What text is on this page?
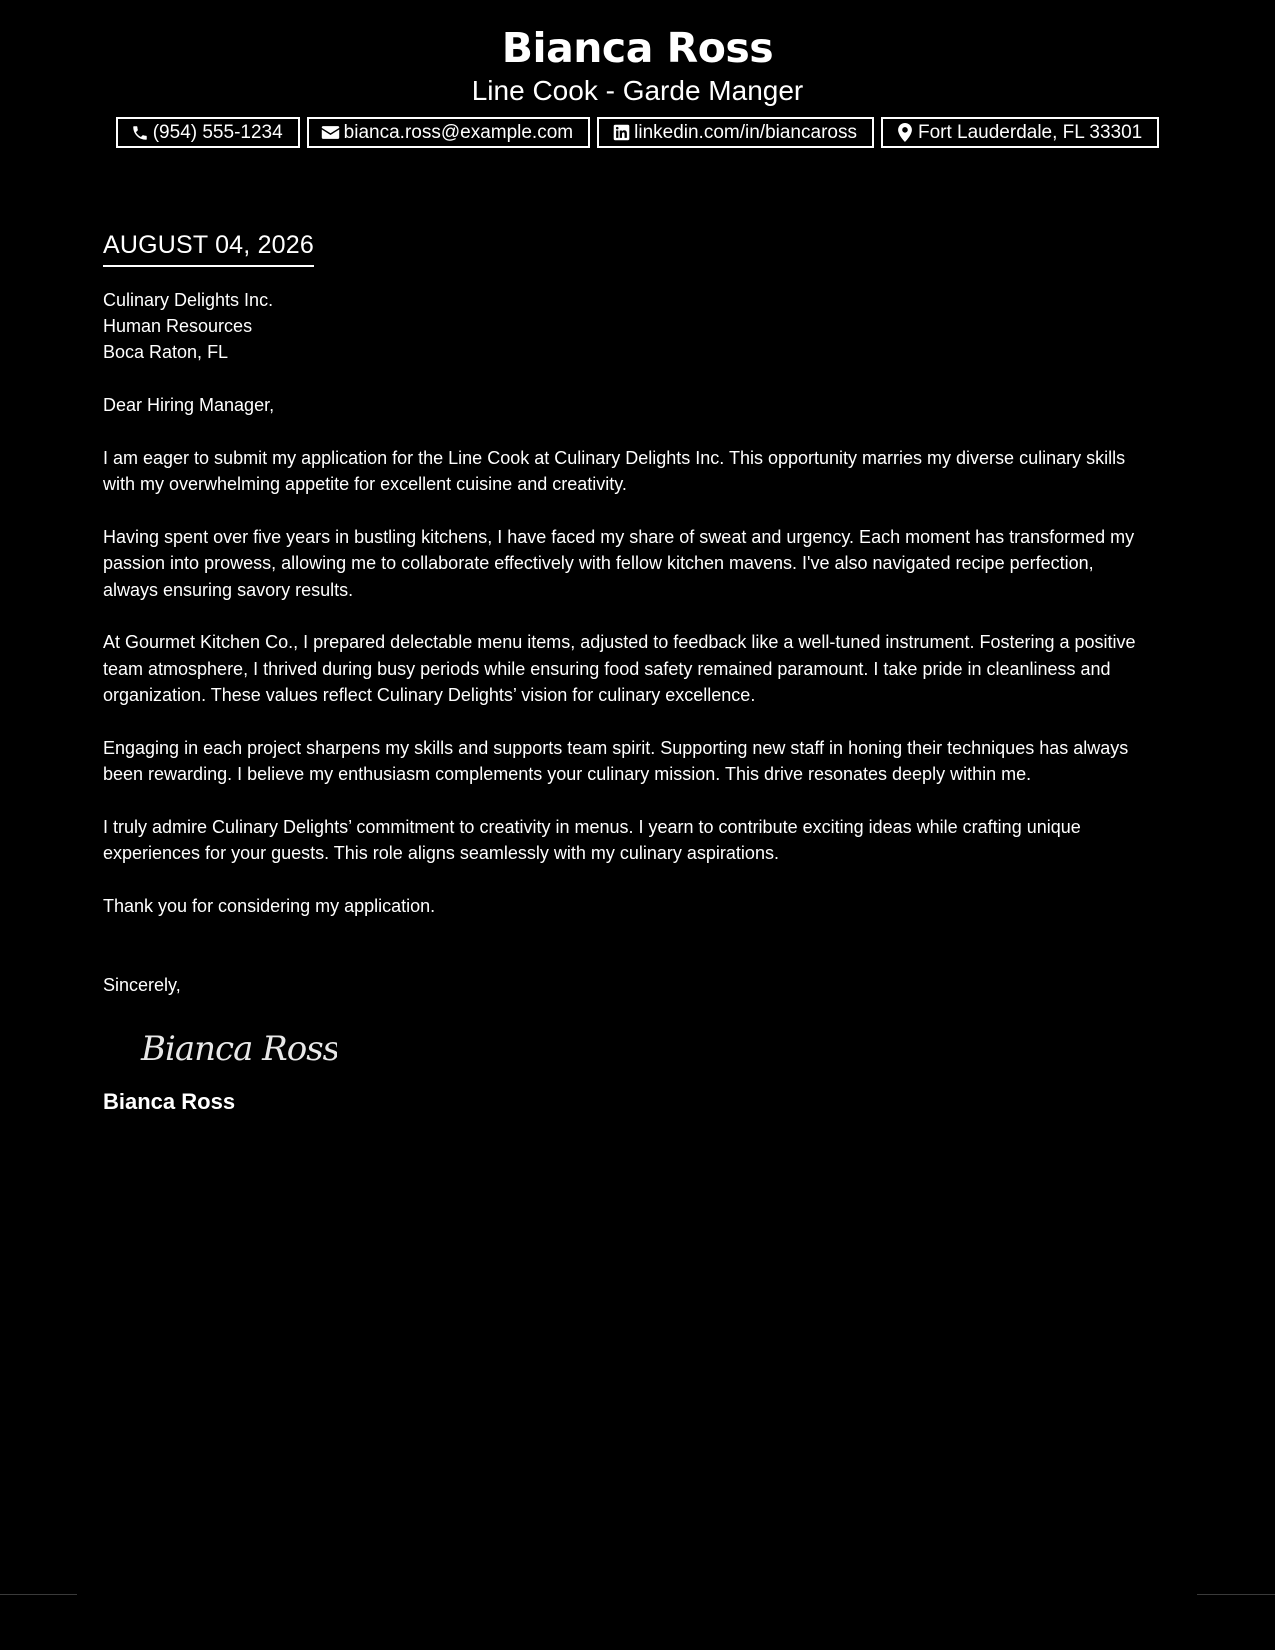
Bianca Ross
Line Cook - Garde Manger
(954) 555-1234	bianca.ross@example.com	linkedin.com/in/biancaross	Fort Lauderdale, FL 33301
AUGUST 04, 2026
Culinary Delights Inc.
Human Resources
Boca Raton, FL
Dear Hiring Manager,

I am eager to submit my application for the Line Cook at Culinary Delights Inc. This opportunity marries my diverse culinary skills with my overwhelming appetite for excellent cuisine and creativity.

Having spent over five years in bustling kitchens, I have faced my share of sweat and urgency. Each moment has transformed my passion into prowess, allowing me to collaborate effectively with fellow kitchen mavens. I've also navigated recipe perfection, always ensuring savory results.

At Gourmet Kitchen Co., I prepared delectable menu items, adjusted to feedback like a well-tuned instrument. Fostering a positive team atmosphere, I thrived during busy periods while ensuring food safety remained paramount. I take pride in cleanliness and organization. These values reflect Culinary Delights’ vision for culinary excellence.

Engaging in each project sharpens my skills and supports team spirit. Supporting new staff in honing their techniques has always been rewarding. I believe my enthusiasm complements your culinary mission. This drive resonates deeply within me.

I truly admire Culinary Delights’ commitment to creativity in menus. I yearn to contribute exciting ideas while crafting unique experiences for your guests. This role aligns seamlessly with my culinary aspirations.

Thank you for considering my application.
Sincerely,
Bianca Ross
Bianca Ross
